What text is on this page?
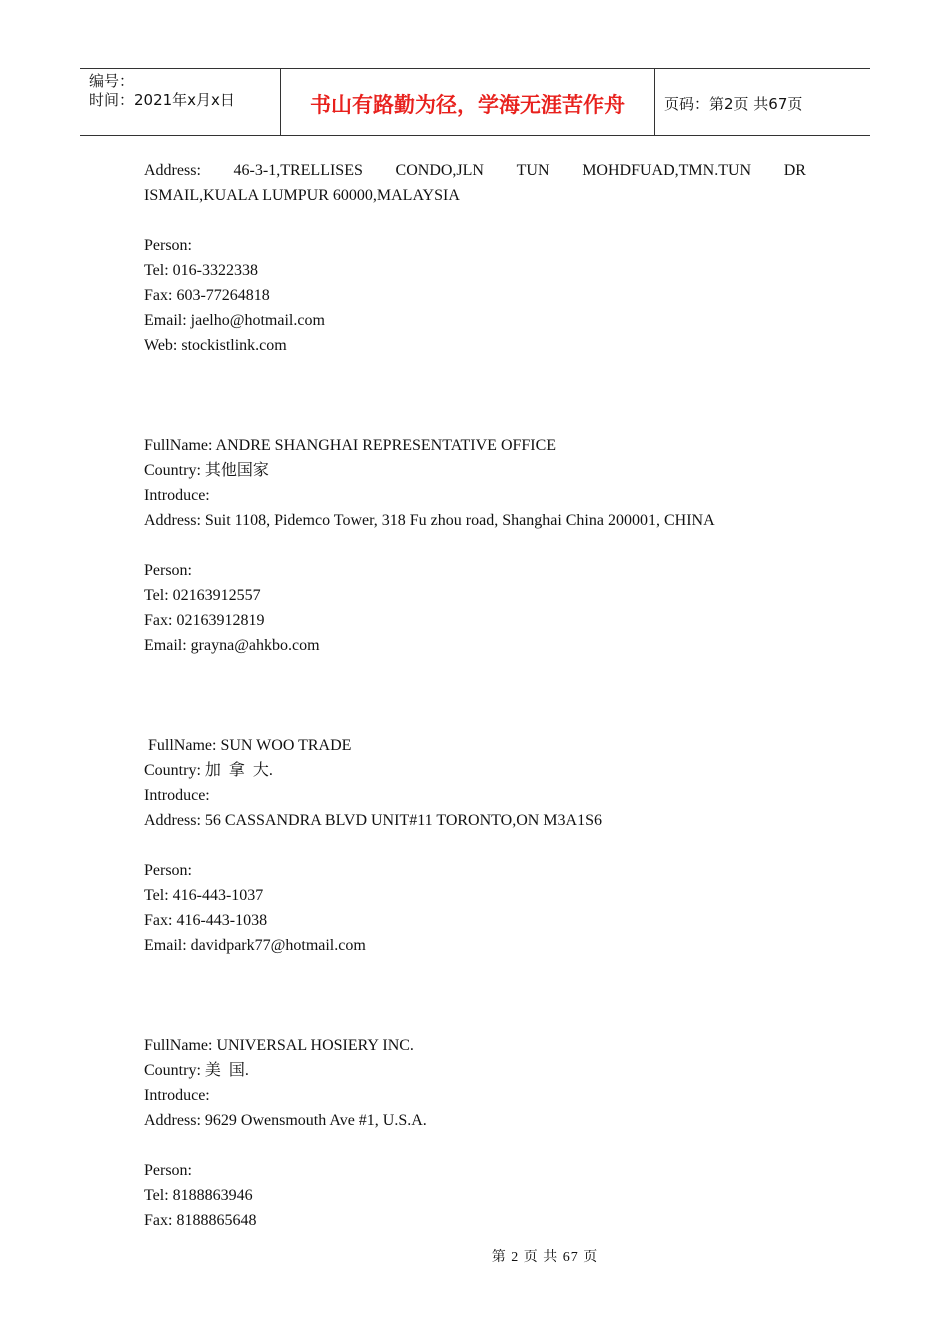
编号：
时间：2021年x月x日	书山有路勤为径，学海无涯苦作舟	页码：第2页 共67页
Address: 46-3-1,TRELLISES CONDO,JLN TUN MOHDFUAD,TMN.TUN DR
ISMAIL,KUALA LUMPUR 60000,MALAYSIA
Person:
Tel: 016-3322338
Fax: 603-77264818
Email: jaelho@hotmail.com
Web: stockistlink.com
FullName: ANDRE SHANGHAI REPRESENTATIVE OFFICE
Country: 其他国家
Introduce:
Address: Suit 1108, Pidemco Tower, 318 Fu zhou road, Shanghai China 200001, CHINA
Person:
Tel: 02163912557
Fax: 02163912819
Email: grayna@ahkbo.com
FullName: SUN WOO TRADE
Country: 加  拿  大.
Introduce:
Address: 56 CASSANDRA BLVD UNIT#11 TORONTO,ON M3A1S6
Person:
Tel: 416-443-1037
Fax: 416-443-1038
Email: davidpark77@hotmail.com
FullName: UNIVERSAL HOSIERY INC.
Country: 美  国.
Introduce:
Address: 9629 Owensmouth Ave #1, U.S.A.
Person:
Tel: 8188863946
Fax: 8188865648
第 2 页 共 67 页
